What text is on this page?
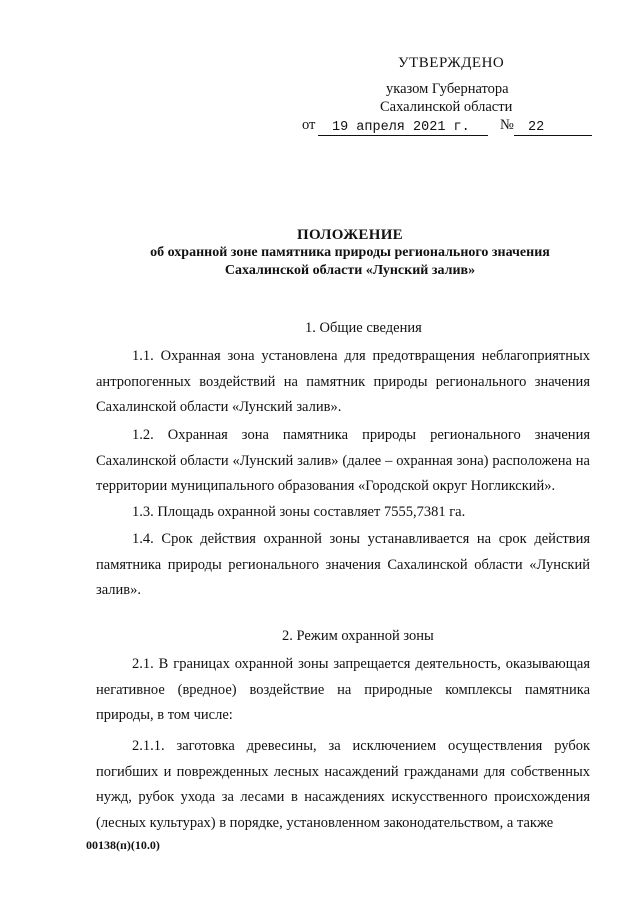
УТВЕРЖДЕНО
указом Губернатора
Сахалинской области
от	19 апреля 2021 г.	№	22
ПОЛОЖЕНИЕ
об охранной зоне памятника природы регионального значения
Сахалинской области «Лунский залив»
1. Общие сведения

1.1. Охранная зона установлена для предотвращения неблагоприятных антропогенных воздействий на памятник природы регионального значения Сахалинской области «Лунский залив».

1.2. Охранная зона памятника природы регионального значения Сахалинской области «Лунский залив» (далее – охранная зона) расположена на территории муниципального образования «Городской округ Ногликский».

1.3. Площадь охранной зоны составляет 7555,7381 га.

1.4. Срок действия охранной зоны устанавливается на срок действия памятника природы регионального значения Сахалинской области «Лунский залив».

2. Режим охранной зоны

2.1. В границах охранной зоны запрещается деятельность, оказывающая негативное (вредное) воздействие на природные комплексы памятника природы, в том числе:

2.1.1. заготовка древесины, за исключением осуществления рубок погибших и поврежденных лесных насаждений гражданами для собственных нужд, рубок ухода за лесами в насаждениях искусственного происхождения (лесных культурах) в порядке, установленном законодательством, а также

00138(п)(10.0)
